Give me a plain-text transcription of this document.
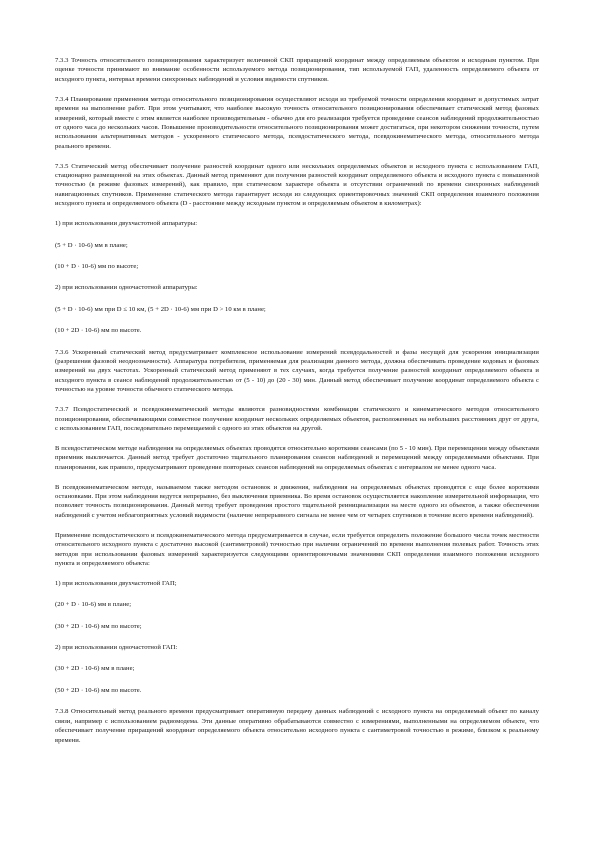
7.3.3 Точность относительного позиционирования характеризует величиной СКП приращений координат между определяемым объектом и исходным пунктом. При оценке точности принимают во внимание особенности используемого метода позиционирования, тип используемой ГАП, удаленность определяемого объекта от исходного пункта, интервал времени синхронных наблюдений и условия видимости спутников.

7.3.4 Планирование применения метода относительного позиционирования осуществляют исходя из требуемой точности определения координат и допустимых затрат времени на выполнение работ. При этом учитывают, что наиболее высокую точность относительного позиционирования обеспечивает статический метод фазовых измерений, который вместе с этим является наиболее производительным - обычно для его реализации требуется проведение сеансов наблюдений продолжительностью от одного часа до нескольких часов. Повышение производительности относительного позиционирования может достигаться, при некотором снижении точности, путем использования альтернативных методов - ускоренного статического метода, псевдостатического метода, псевдокинематического метода, относительного метода реального времени.

7.3.5 Статический метод обеспечивает получение разностей координат одного или нескольких определяемых объектов и исходного пункта с использованием ГАП, стационарно размещенной на этих объектах. Данный метод применяют для получения разностей координат определяемого объекта и исходного пункта с повышенной точностью (в режиме фазовых измерений), как правило, при статическом характере объекта и отсутствии ограничений по времени синхронных наблюдений навигационных спутников. Применение статического метода гарантирует исходя из следующих ориентировочных значений СКП определения взаимного положения исходного пункта и определяемого объекта (D - расстояние между исходным пунктом и определяемым объектом в километрах):

1) при использовании двухчастотной аппаратуры:

(5 + D · 10-6) мм в плане;

(10 + D · 10-6) мм по высоте;

2) при использовании одночастотной аппаратуры:

(5 + D · 10-6) мм при D ≤ 10 км, (5 + 2D · 10-6) мм при D > 10 км в плане;

(10 + 2D · 10-6) мм по высоте.

7.3.6 Ускоренный статический метод предусматривает комплексное использование измерений псевдодальностей и фазы несущей для ускорения инициализации (разрешения фазовой неоднозначности). Аппаратура потребителя, применяемая для реализации данного метода, должна обеспечивать проведение кодовых и фазовых измерений на двух частотах. Ускоренный статический метод применяют в тех случаях, когда требуется получение разностей координат определяемого объекта и исходного пункта в сеансе наблюдений продолжительностью от (5 - 10) до (20 - 30) мин. Данный метод обеспечивает получение координат определяемого объекта с точностью на уровне точности обычного статического метода.

7.3.7 Псевдостатический и псевдокинематический методы являются разновидностями комбинации статического и кинематического методов относительного позиционирования, обеспечивающими совместное получение координат нескольких определяемых объектов, расположенных на небольших расстояниях друг от друга, с использованием ГАП, последовательно перемещаемой с одного из этих объектов на другой.

В псевдостатическом методе наблюдения на определяемых объектах проводятся относительно короткими сеансами (по 5 - 10 мин). При перемещении между объектами приемник выключается. Данный метод требует достаточно тщательного планирования сеансов наблюдений и перемещений между определяемыми объектами. При планировании, как правило, предусматривают проведение повторных сеансов наблюдений на определяемых объектах с интервалом не менее одного часа.

В псевдокинематическом методе, называемом также методом остановок и движения, наблюдения на определяемых объектах проводятся с еще более короткими остановками. При этом наблюдения ведутся непрерывно, без выключения приемника. Во время остановок осуществляется накопление измерительной информации, что позволяет точность позиционирования. Данный метод требует проведения простого тщательной реинициализации на месте одного из объектов, а также обеспечения наблюдений с учетом неблагоприятных условий видимости (наличие непрерывного сигнала не менее чем от четырех спутников в точение всего времени наблюдений).

Применение псевдостатического и псевдокинематического метода предусматривается в случае, если требуется определить положение большого числа точек местности относительного исходного пункта с достаточно высокой (сантиметровой) точностью при наличии ограничений по времени выполнения полевых работ. Точность этих методов при использовании фазовых измерений характеризуется следующими ориентировочными значениями СКП определения взаимного положения исходного пункта и определяемого объекта:

1) при использовании двухчастотной ГАП;

(20 + D · 10-6) мм в плане;

(30 + 2D · 10-6) мм по высоте;

2) при использовании одночастотной ГАП:

(30 + 2D · 10-6) мм в плане;

(50 + 2D · 10-6) мм по высоте.

7.3.8 Относительный метод реального времени предусматривает оперативную передачу данных наблюдений с исходного пункта на определяемый объект по каналу связи, например с использованием радиомодема. Эти данные оперативно обрабатываются совместно с измерениями, выполненными на определяемом объекте, что обеспечивает получение приращений координат определяемого объекта относительно исходного пункта с сантиметровой точностью в режиме, близком к реальному времени.
